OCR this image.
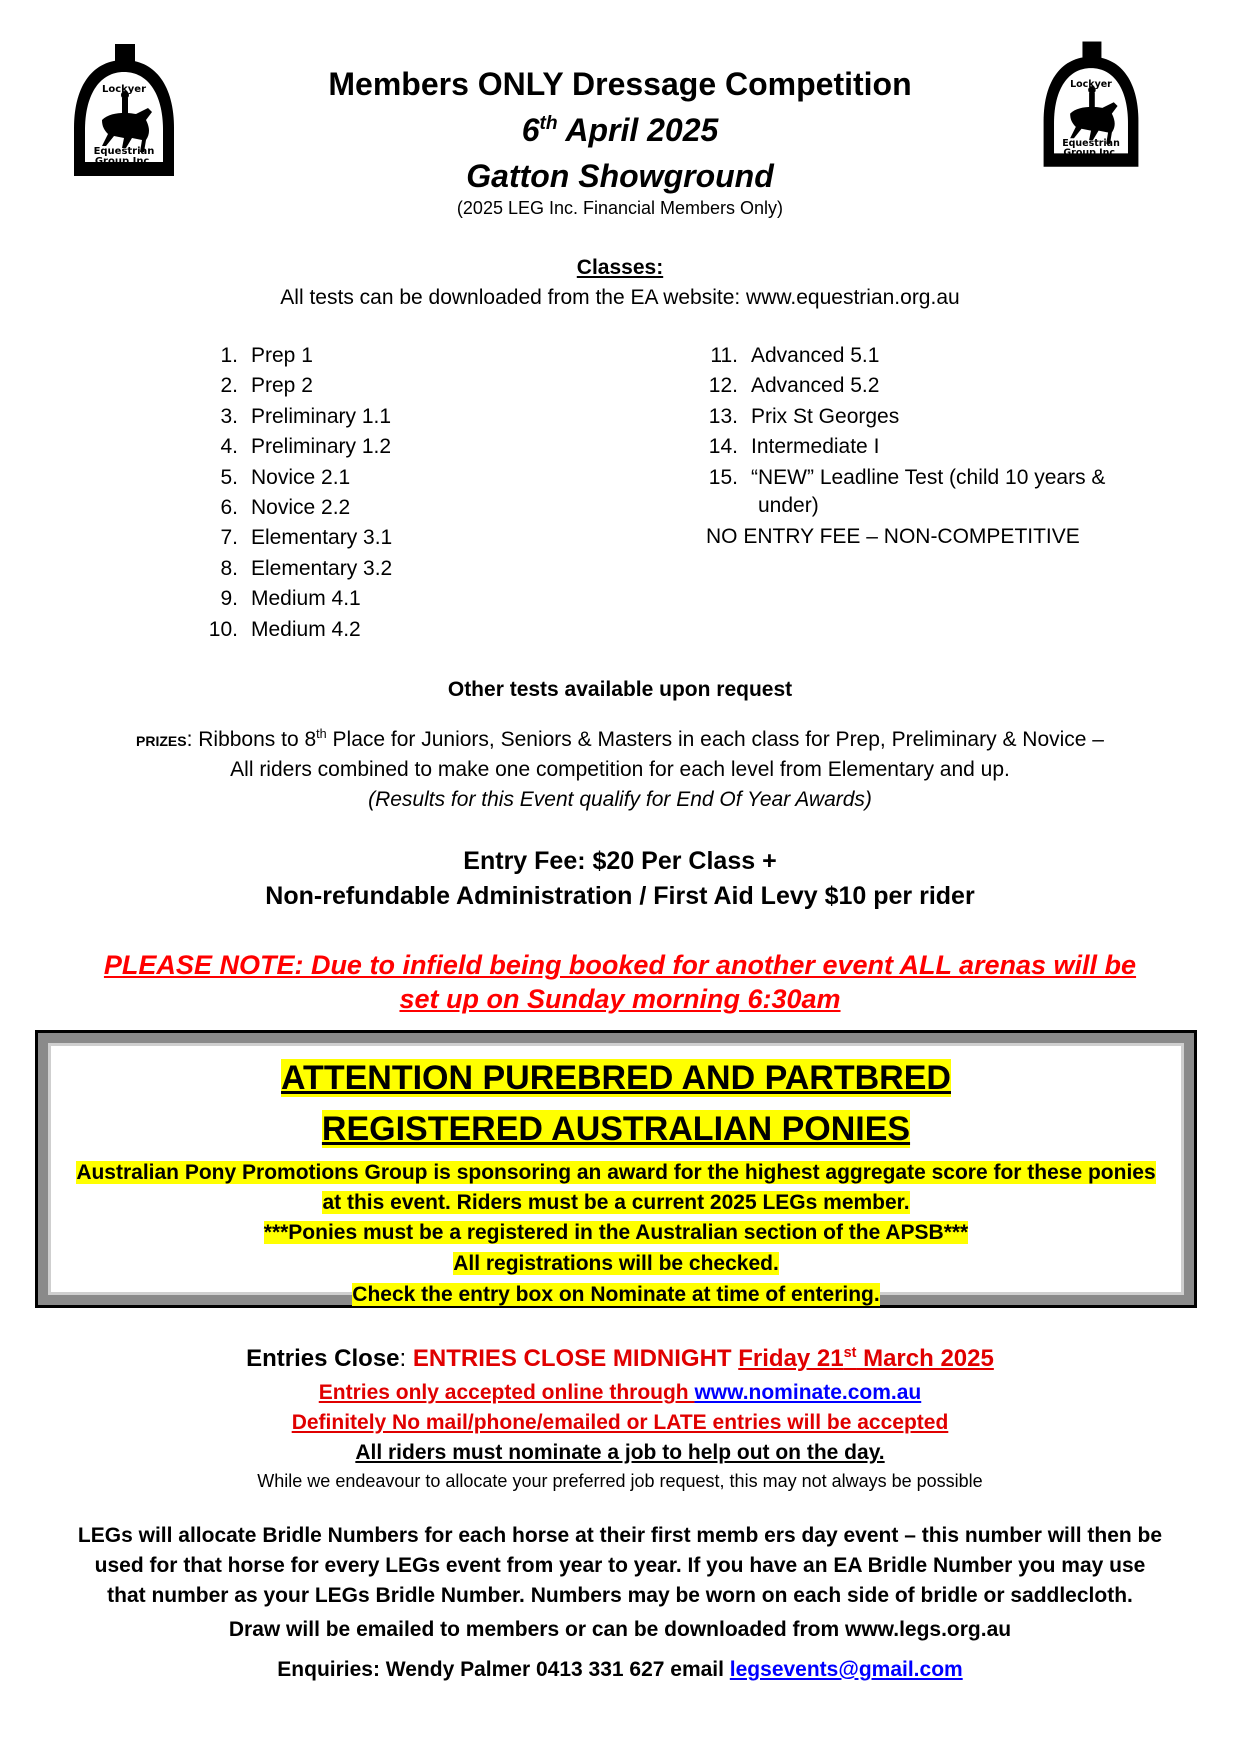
Lockyer
Equestrian
Group Inc.
Lockyer
Equestrian
Group Inc.
Members ONLY Dressage Competition
6th April 2025
Gatton Showground
(2025 LEG Inc. Financial Members Only)
Classes:
All tests can be downloaded from the EA website: www.equestrian.org.au
1. Prep 1
2. Prep 2
3. Preliminary 1.1
4. Preliminary 1.2
5. Novice 2.1
6. Novice 2.2
7. Elementary 3.1
8. Elementary 3.2
9. Medium 4.1
10. Medium 4.2
11. Advanced 5.1
12. Advanced 5.2
13. Prix St Georges
14. Intermediate I
15. “NEW” Leadline Test (child 10 years &
under)
NO ENTRY FEE – NON-COMPETITIVE
Other tests available upon request
PRIZES: Ribbons to 8th Place for Juniors, Seniors & Masters in each class for Prep, Preliminary & Novice –
All riders combined to make one competition for each level from Elementary and up.
(Results for this Event qualify for End Of Year Awards)
Entry Fee: $20 Per Class +
Non-refundable Administration / First Aid Levy $10 per rider
PLEASE NOTE: Due to infield being booked for another event ALL arenas will be
set up on Sunday morning 6:30am
ATTENTION PUREBRED AND PARTBRED
REGISTERED AUSTRALIAN PONIES
Australian Pony Promotions Group is sponsoring an award for the highest aggregate score for these ponies
at this event. Riders must be a current 2025 LEGs member.
***Ponies must be a registered in the Australian section of the APSB***
All registrations will be checked.
Check the entry box on Nominate at time of entering.
Entries Close: ENTRIES CLOSE MIDNIGHT Friday 21st March 2025
Entries only accepted online through www.nominate.com.au
Definitely No mail/phone/emailed or LATE entries will be accepted
All riders must nominate a job to help out on the day.
While we endeavour to allocate your preferred job request, this may not always be possible
LEGs will allocate Bridle Numbers for each horse at their first memb ers day event – this number will then be
used for that horse for every LEGs event from year to year. If you have an EA Bridle Number you may use
that number as your LEGs Bridle Number. Numbers may be worn on each side of bridle or saddlecloth.
Draw will be emailed to members or can be downloaded from www.legs.org.au
Enquiries: Wendy Palmer 0413 331 627 email legsevents@gmail.com
